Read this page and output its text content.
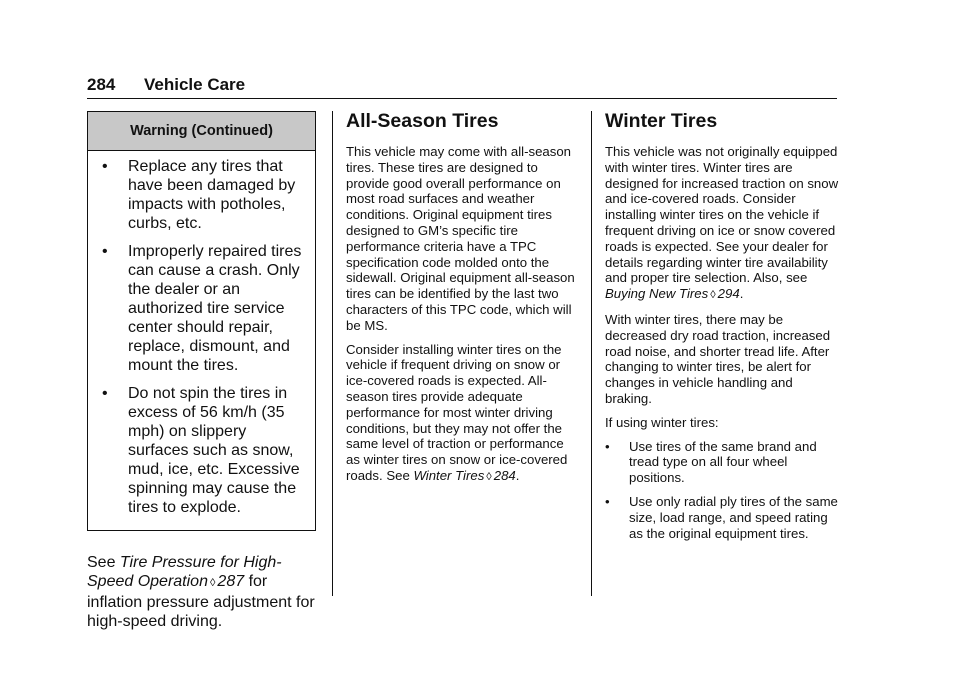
284 Vehicle Care
Warning (Continued)
• Replace any tires that have been damaged by impacts with potholes, curbs, etc.
• Improperly repaired tires can cause a crash. Only the dealer or an authorized tire service center should repair, replace, dismount, and mount the tires.
• Do not spin the tires in excess of 56 km/h (35 mph) on slippery surfaces such as snow, mud, ice, etc. Excessive spinning may cause the tires to explode.

See Tire Pressure for High-Speed Operation ◊ 287 for inflation pressure adjustment for high-speed driving.

All-Season Tires

This vehicle may come with all-season tires. These tires are designed to provide good overall performance on most road surfaces and weather conditions. Original equipment tires designed to GM’s specific tire performance criteria have a TPC specification code molded onto the sidewall. Original equipment all-season tires can be identified by the last two characters of this TPC code, which will be MS.

Consider installing winter tires on the vehicle if frequent driving on snow or ice-covered roads is expected. All-season tires provide adequate performance for most winter driving conditions, but they may not offer the same level of traction or performance as winter tires on snow or ice-covered roads. See Winter Tires ◊ 284.

Winter Tires

This vehicle was not originally equipped with winter tires. Winter tires are designed for increased traction on snow and ice-covered roads. Consider installing winter tires on the vehicle if frequent driving on ice or snow covered roads is expected. See your dealer for details regarding winter tire availability and proper tire selection. Also, see Buying New Tires ◊ 294.

With winter tires, there may be decreased dry road traction, increased road noise, and shorter tread life. After changing to winter tires, be alert for changes in vehicle handling and braking.

If using winter tires:

• Use tires of the same brand and tread type on all four wheel positions.
• Use only radial ply tires of the same size, load range, and speed rating as the original equipment tires.
